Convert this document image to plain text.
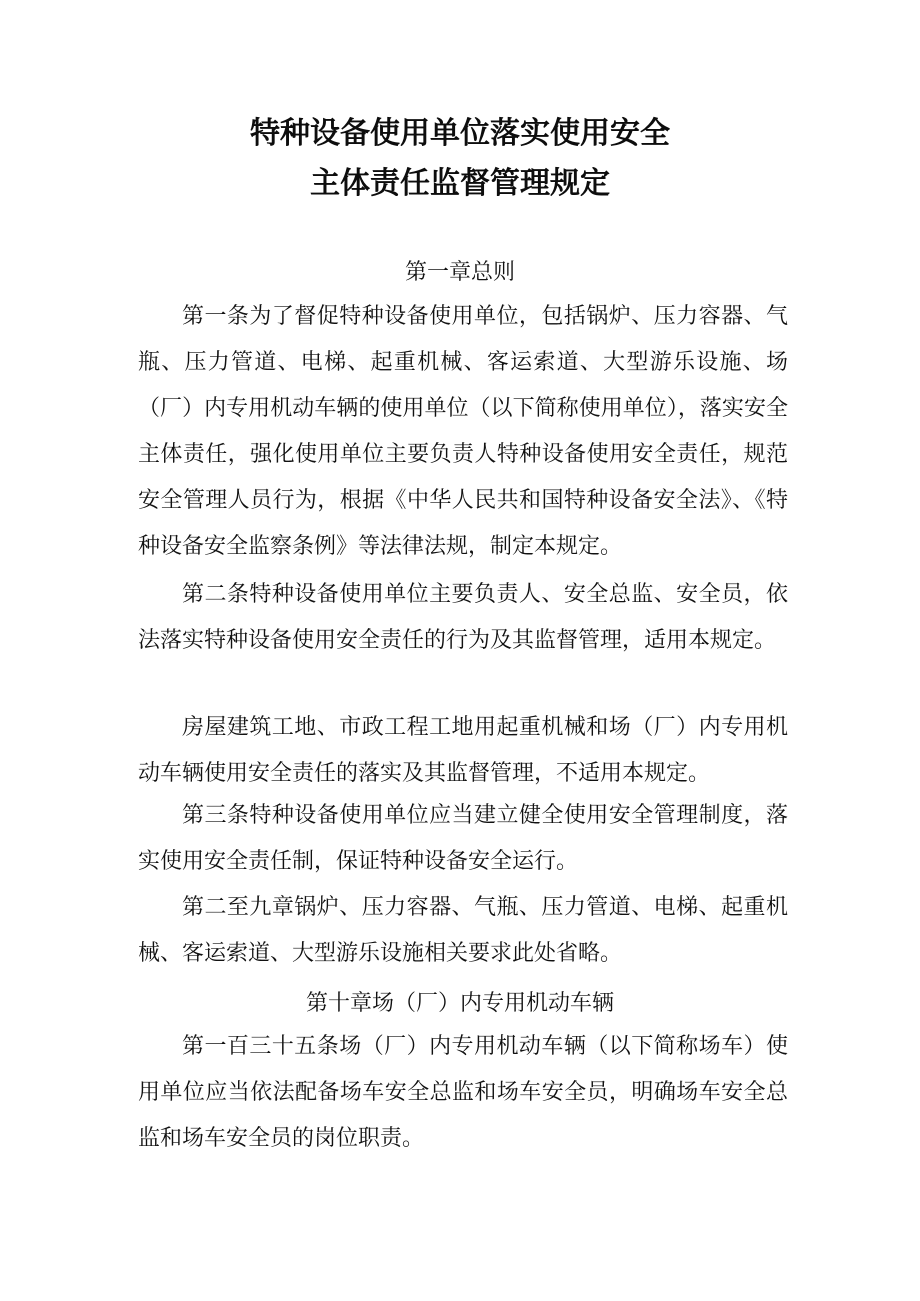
特种设备使用单位落实使用安全
主体责任监督管理规定
第一章总则

第一条为了督促特种设备使用单位，包括锅炉、压力容器、气瓶、压力管道、电梯、起重机械、客运索道、大型游乐设施、场（厂）内专用机动车辆的使用单位（以下简称使用单位），落实安全主体责任，强化使用单位主要负责人特种设备使用安全责任，规范安全管理人员行为，根据《中华人民共和国特种设备安全法》、《特种设备安全监察条例》等法律法规，制定本规定。

第二条特种设备使用单位主要负责人、安全总监、安全员，依法落实特种设备使用安全责任的行为及其监督管理，适用本规定。

房屋建筑工地、市政工程工地用起重机械和场（厂）内专用机动车辆使用安全责任的落实及其监督管理，不适用本规定。

第三条特种设备使用单位应当建立健全使用安全管理制度，落实使用安全责任制，保证特种设备安全运行。

第二至九章锅炉、压力容器、气瓶、压力管道、电梯、起重机械、客运索道、大型游乐设施相关要求此处省略。

第十章场（厂）内专用机动车辆

第一百三十五条场（厂）内专用机动车辆（以下简称场车）使用单位应当依法配备场车安全总监和场车安全员，明确场车安全总监和场车安全员的岗位职责。
